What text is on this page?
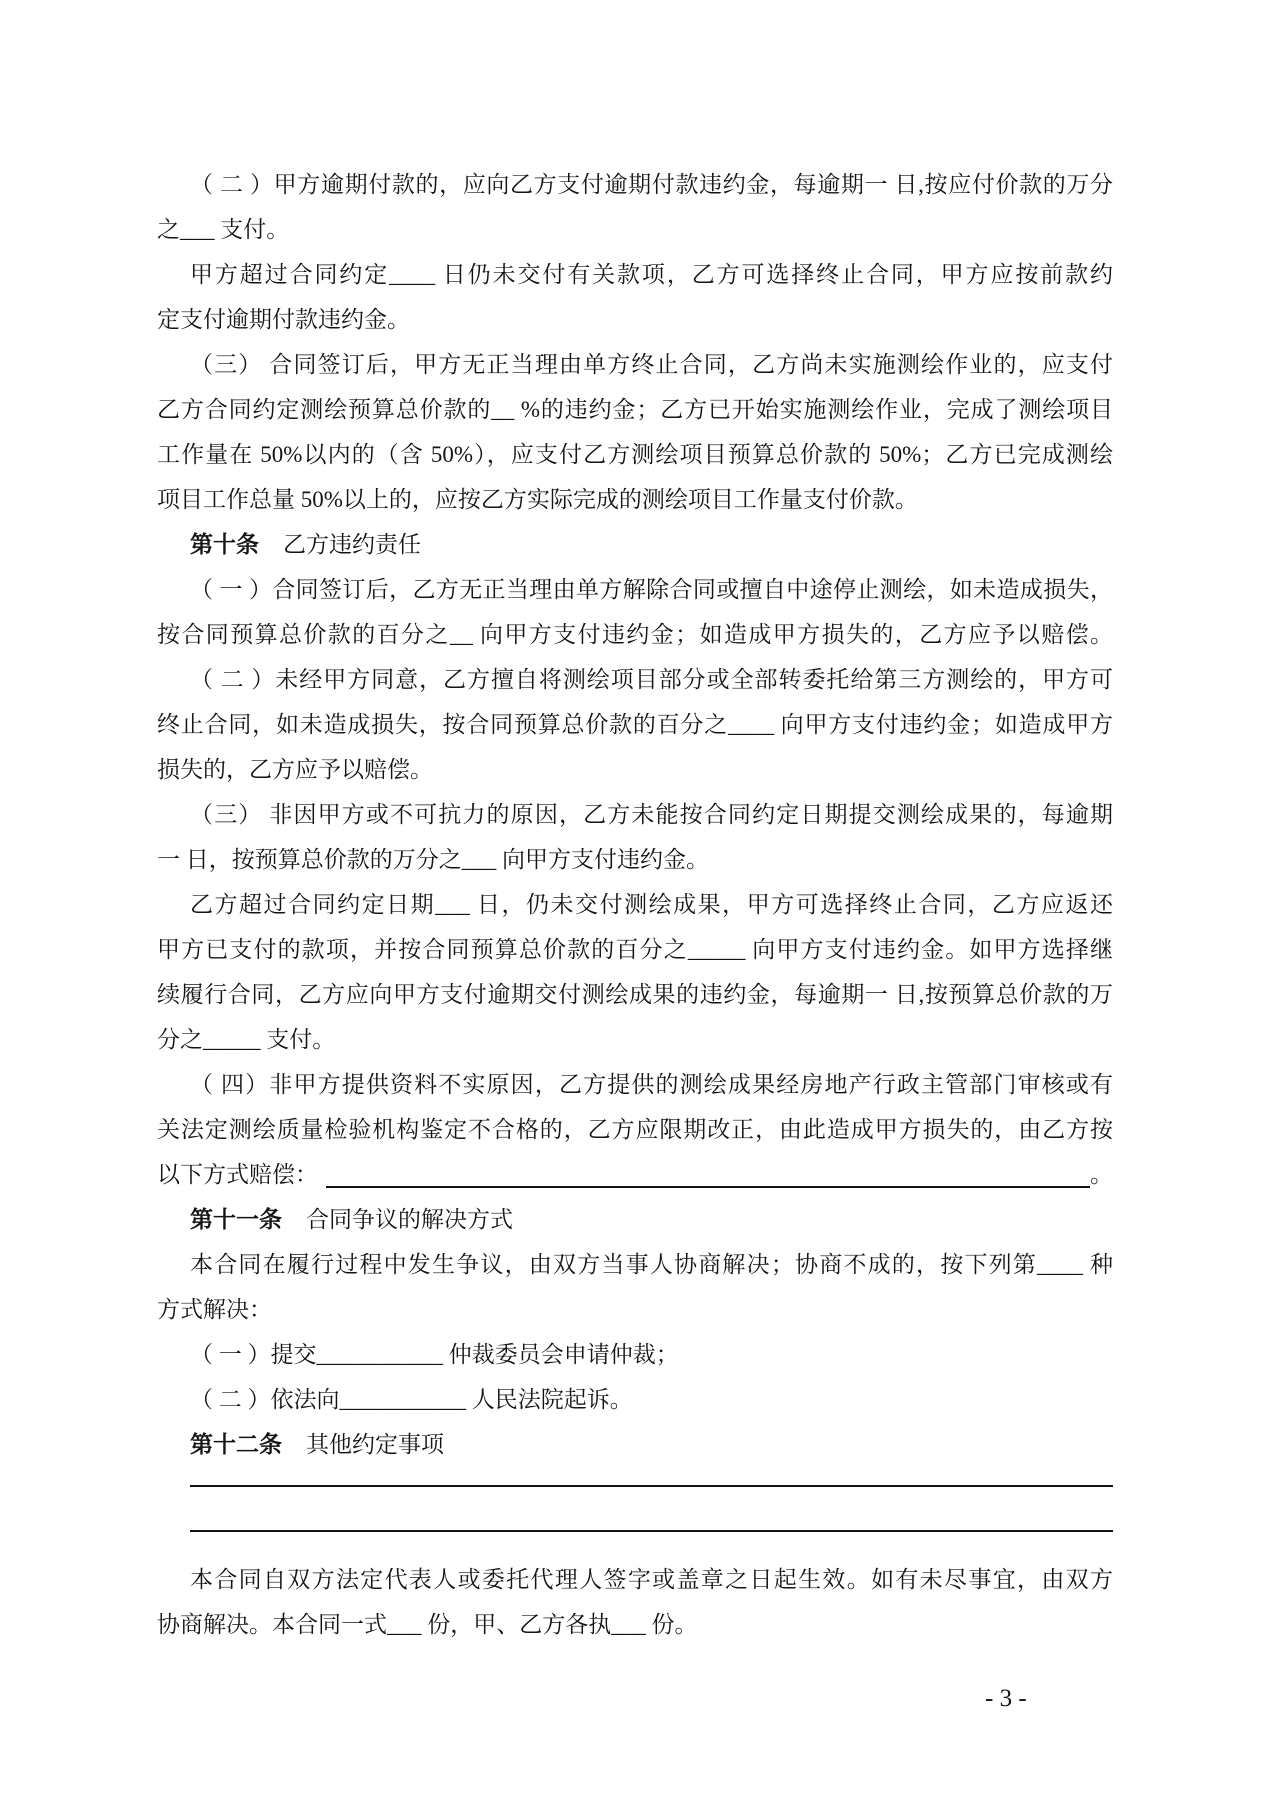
（ 二 ）甲方逾期付款的，应向乙方支付逾期付款违约金，每逾期一 日,按应付价款的万分
之___ 支付。
甲方超过合同约定____ 日仍未交付有关款项，乙方可选择终止合同，甲方应按前款约
定支付逾期付款违约金。
（三） 合同签订后，甲方无正当理由单方终止合同，乙方尚未实施测绘作业的，应支付
乙方合同约定测绘预算总价款的__ %的违约金；乙方已开始实施测绘作业，完成了测绘项目
工作量在 50%以内的（含 50%），应支付乙方测绘项目预算总价款的 50%；乙方已完成测绘
项目工作总量 50%以上的，应按乙方实际完成的测绘项目工作量支付价款。
第十条 乙方违约责任
（ 一 ）合同签订后，乙方无正当理由单方解除合同或擅自中途停止测绘，如未造成损失，
按合同预算总价款的百分之__ 向甲方支付违约金；如造成甲方损失的，乙方应予以赔偿。
（ 二 ）未经甲方同意，乙方擅自将测绘项目部分或全部转委托给第三方测绘的，甲方可
终止合同，如未造成损失，按合同预算总价款的百分之____ 向甲方支付违约金；如造成甲方
损失的，乙方应予以赔偿。
（三） 非因甲方或不可抗力的原因，乙方未能按合同约定日期提交测绘成果的，每逾期
一 日，按预算总价款的万分之___ 向甲方支付违约金。
乙方超过合同约定日期___ 日，仍未交付测绘成果，甲方可选择终止合同，乙方应返还
甲方已支付的款项，并按合同预算总价款的百分之_____ 向甲方支付违约金。如甲方选择继
续履行合同，乙方应向甲方支付逾期交付测绘成果的违约金，每逾期一 日,按预算总价款的万
分之_____ 支付。
（ 四）非甲方提供资料不实原因，乙方提供的测绘成果经房地产行政主管部门审核或有
关法定测绘质量检验机构鉴定不合格的，乙方应限期改正，由此造成甲方损失的，由乙方按
以下方式赔偿：	。
第十一条 合同争议的解决方式
本合同在履行过程中发生争议，由双方当事人协商解决；协商不成的，按下列第____ 种
方式解决：
（ 一 ）提交___________ 仲裁委员会申请仲裁；
（ 二 ）依法向___________ 人民法院起诉。
第十二条 其他约定事项
本合同自双方法定代表人或委托代理人签字或盖章之日起生效。如有未尽事宜，由双方
协商解决。本合同一式___ 份，甲、乙方各执___ 份。
- 3 -
